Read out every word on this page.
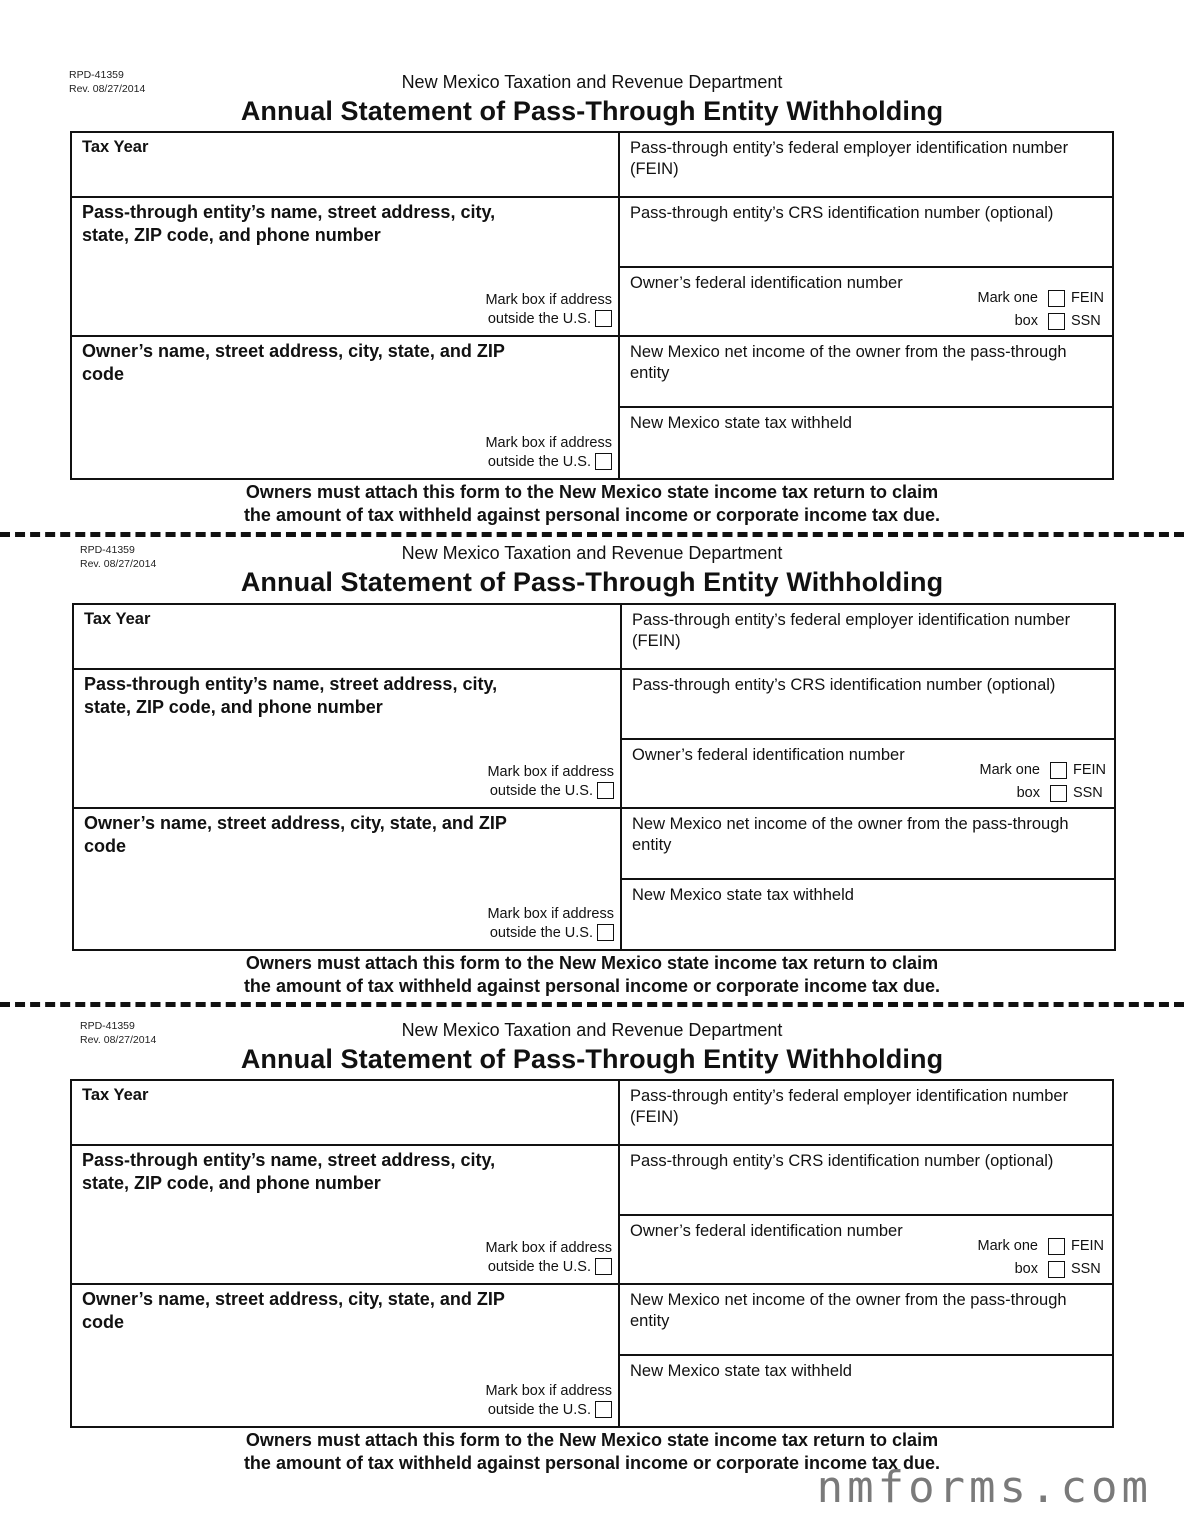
RPD-41359
Rev. 08/27/2014	New Mexico Taxation and Revenue Department
Annual Statement of Pass-Through Entity Withholding
Tax Year
Pass-through entity’s name, street address, city, state, ZIP code, and phone number
Mark box if address
outside the U.S.
Owner’s name, street address, city, state, and ZIP code
Mark box if address
outside the U.S.
Pass-through entity’s federal employer identification number (FEIN)
Pass-through entity’s CRS identification number (optional)
Owner’s federal identification number
Mark one FEIN
box SSN
New Mexico net income of the owner from the pass-through entity
New Mexico state tax withheld
Owners must attach this form to the New Mexico state income tax return to claim
the amount of tax withheld against personal income or corporate income tax due.
RPD-41359
Rev. 08/27/2014
New Mexico Taxation and Revenue Department
Annual Statement of Pass-Through Entity Withholding
Tax Year
Pass-through entity’s name, street address, city, state, ZIP code, and phone number
Mark box if address
outside the U.S.
Owner’s name, street address, city, state, and ZIP code
Mark box if address
outside the U.S.
Pass-through entity’s federal employer identification number (FEIN)
Pass-through entity’s CRS identification number (optional)
Owner’s federal identification number
Mark one FEIN
box SSN
New Mexico net income of the owner from the pass-through entity
New Mexico state tax withheld
Owners must attach this form to the New Mexico state income tax return to claim
the amount of tax withheld against personal income or corporate income tax due.
RPD-41359
Rev. 08/27/2014	New Mexico Taxation and Revenue Department
Annual Statement of Pass-Through Entity Withholding
Tax Year
Pass-through entity’s name, street address, city, state, ZIP code, and phone number
Mark box if address
outside the U.S.
Owner’s name, street address, city, state, and ZIP code
Mark box if address
outside the U.S.
Pass-through entity’s federal employer identification number (FEIN)
Pass-through entity’s CRS identification number (optional)
Owner’s federal identification number
Mark one FEIN
box SSN
New Mexico net income of the owner from the pass-through entity
New Mexico state tax withheld
Owners must attach this form to the New Mexico state income tax return to claim
the amount of tax withheld against personal income or corporate income tax due.
nmforms.com
